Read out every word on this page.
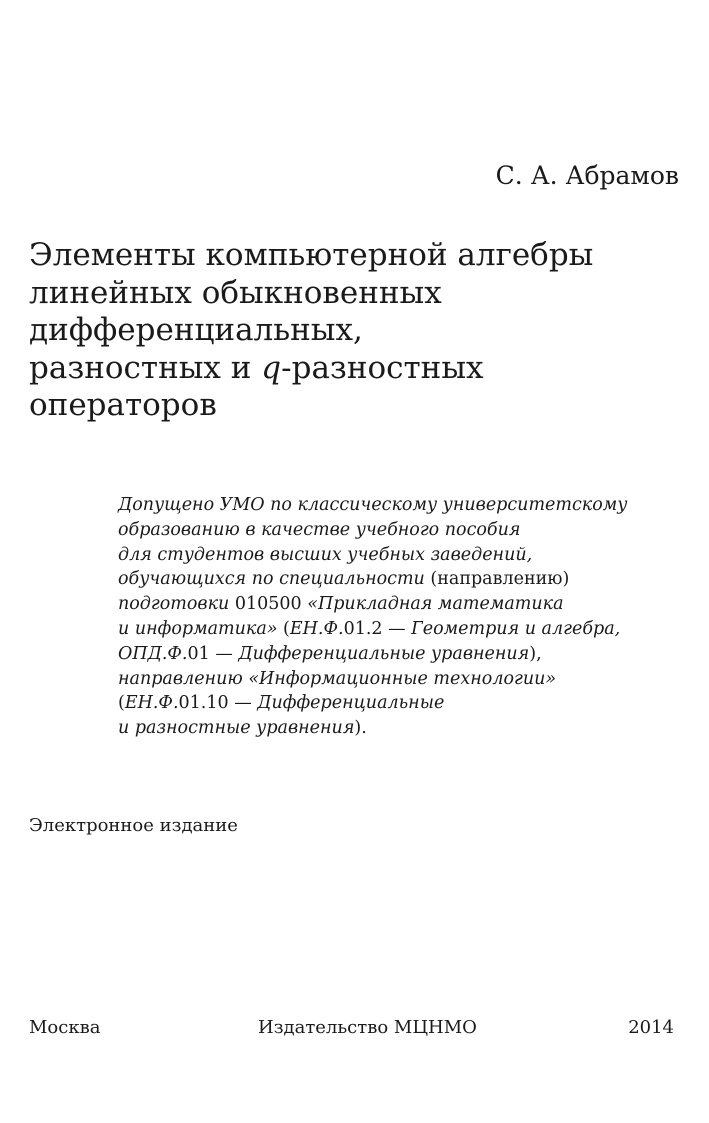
С. А. Абрамов
Элементы компьютерной алгебры
линейных обыкновенных
дифференциальных,
разностных и q-разностных
операторов
Допущено УМО по классическому университетскому
образованию в качестве учебного пособия
для студентов высших учебных заведений,
обучающихся по специальности (направлению)
подготовки 010500 «Прикладная математика
и информатика» (ЕН.Ф.01.2 — Геометрия и алгебра,
ОПД.Ф.01 — Дифференциальные уравнения),
направлению «Информационные технологии»
(ЕН.Ф.01.10 — Дифференциальные
и разностные уравнения).
Электронное издание
Москва	Издательство МЦНМО	2014
